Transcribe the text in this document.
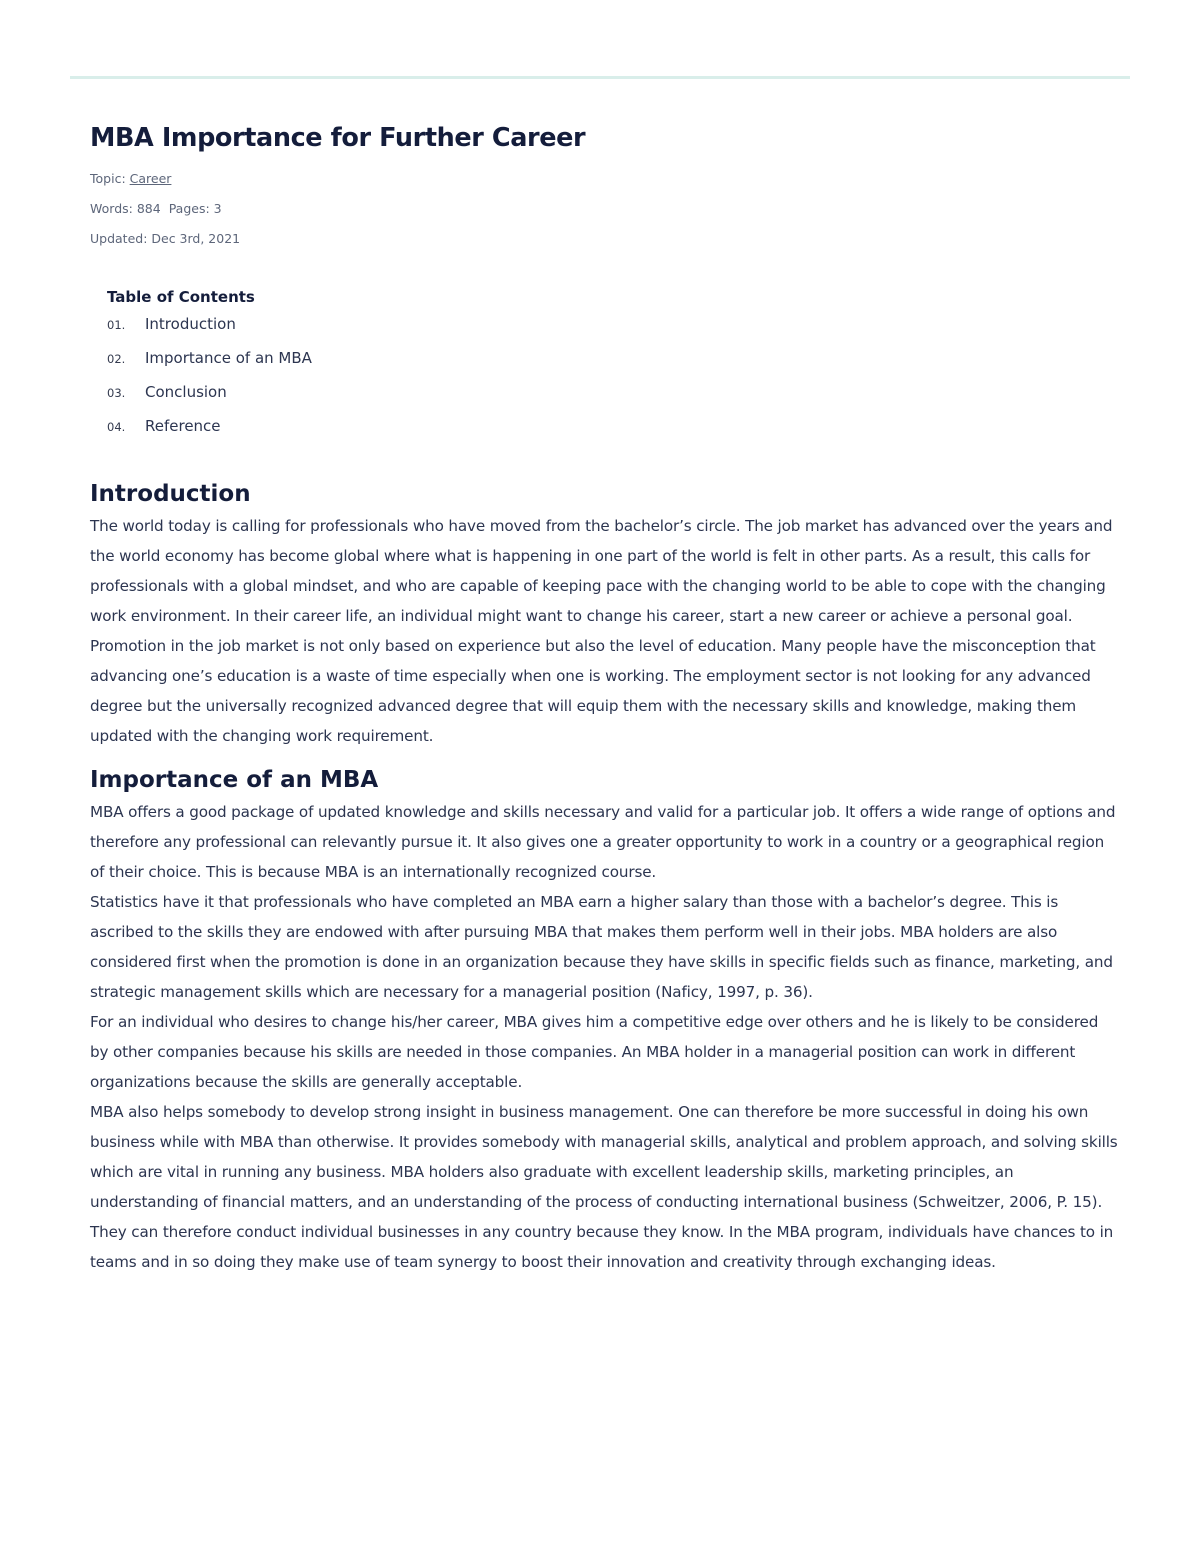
MBA Importance for Further Career
Topic: Career
Words: 884 Pages: 3
Updated: Dec 3rd, 2021
Table of Contents
01.	Introduction
02.	Importance of an MBA
03.	Conclusion
04.	Reference
Introduction

The world today is calling for professionals who have moved from the bachelor’s circle. The job market has advanced over the years and the world economy has become global where what is happening in one part of the world is felt in other parts. As a result, this calls for professionals with a global mindset, and who are capable of keeping pace with the changing world to be able to cope with the changing work environment. In their career life, an individual might want to change his career, start a new career or achieve a personal goal. Promotion in the job market is not only based on experience but also the level of education. Many people have the misconception that advancing one’s education is a waste of time especially when one is working. The employment sector is not looking for any advanced degree but the universally recognized advanced degree that will equip them with the necessary skills and knowledge, making them updated with the changing work requirement.

Importance of an MBA

MBA offers a good package of updated knowledge and skills necessary and valid for a particular job. It offers a wide range of options and therefore any professional can relevantly pursue it. It also gives one a greater opportunity to work in a country or a geographical region of their choice. This is because MBA is an internationally recognized course.

Statistics have it that professionals who have completed an MBA earn a higher salary than those with a bachelor’s degree. This is ascribed to the skills they are endowed with after pursuing MBA that makes them perform well in their jobs. MBA holders are also considered first when the promotion is done in an organization because they have skills in specific fields such as finance, marketing, and strategic management skills which are necessary for a managerial position (Naficy, 1997, p. 36).

For an individual who desires to change his/her career, MBA gives him a competitive edge over others and he is likely to be considered by other companies because his skills are needed in those companies. An MBA holder in a managerial position can work in different organizations because the skills are generally acceptable.

MBA also helps somebody to develop strong insight in business management. One can therefore be more successful in doing his own business while with MBA than otherwise. It provides somebody with managerial skills, analytical and problem approach, and solving skills which are vital in running any business. MBA holders also graduate with excellent leadership skills, marketing principles, an understanding of financial matters, and an understanding of the process of conducting international business (Schweitzer, 2006, P. 15). They can therefore conduct individual businesses in any country because they know. In the MBA program, individuals have chances to in teams and in so doing they make use of team synergy to boost their innovation and creativity through exchanging ideas.
